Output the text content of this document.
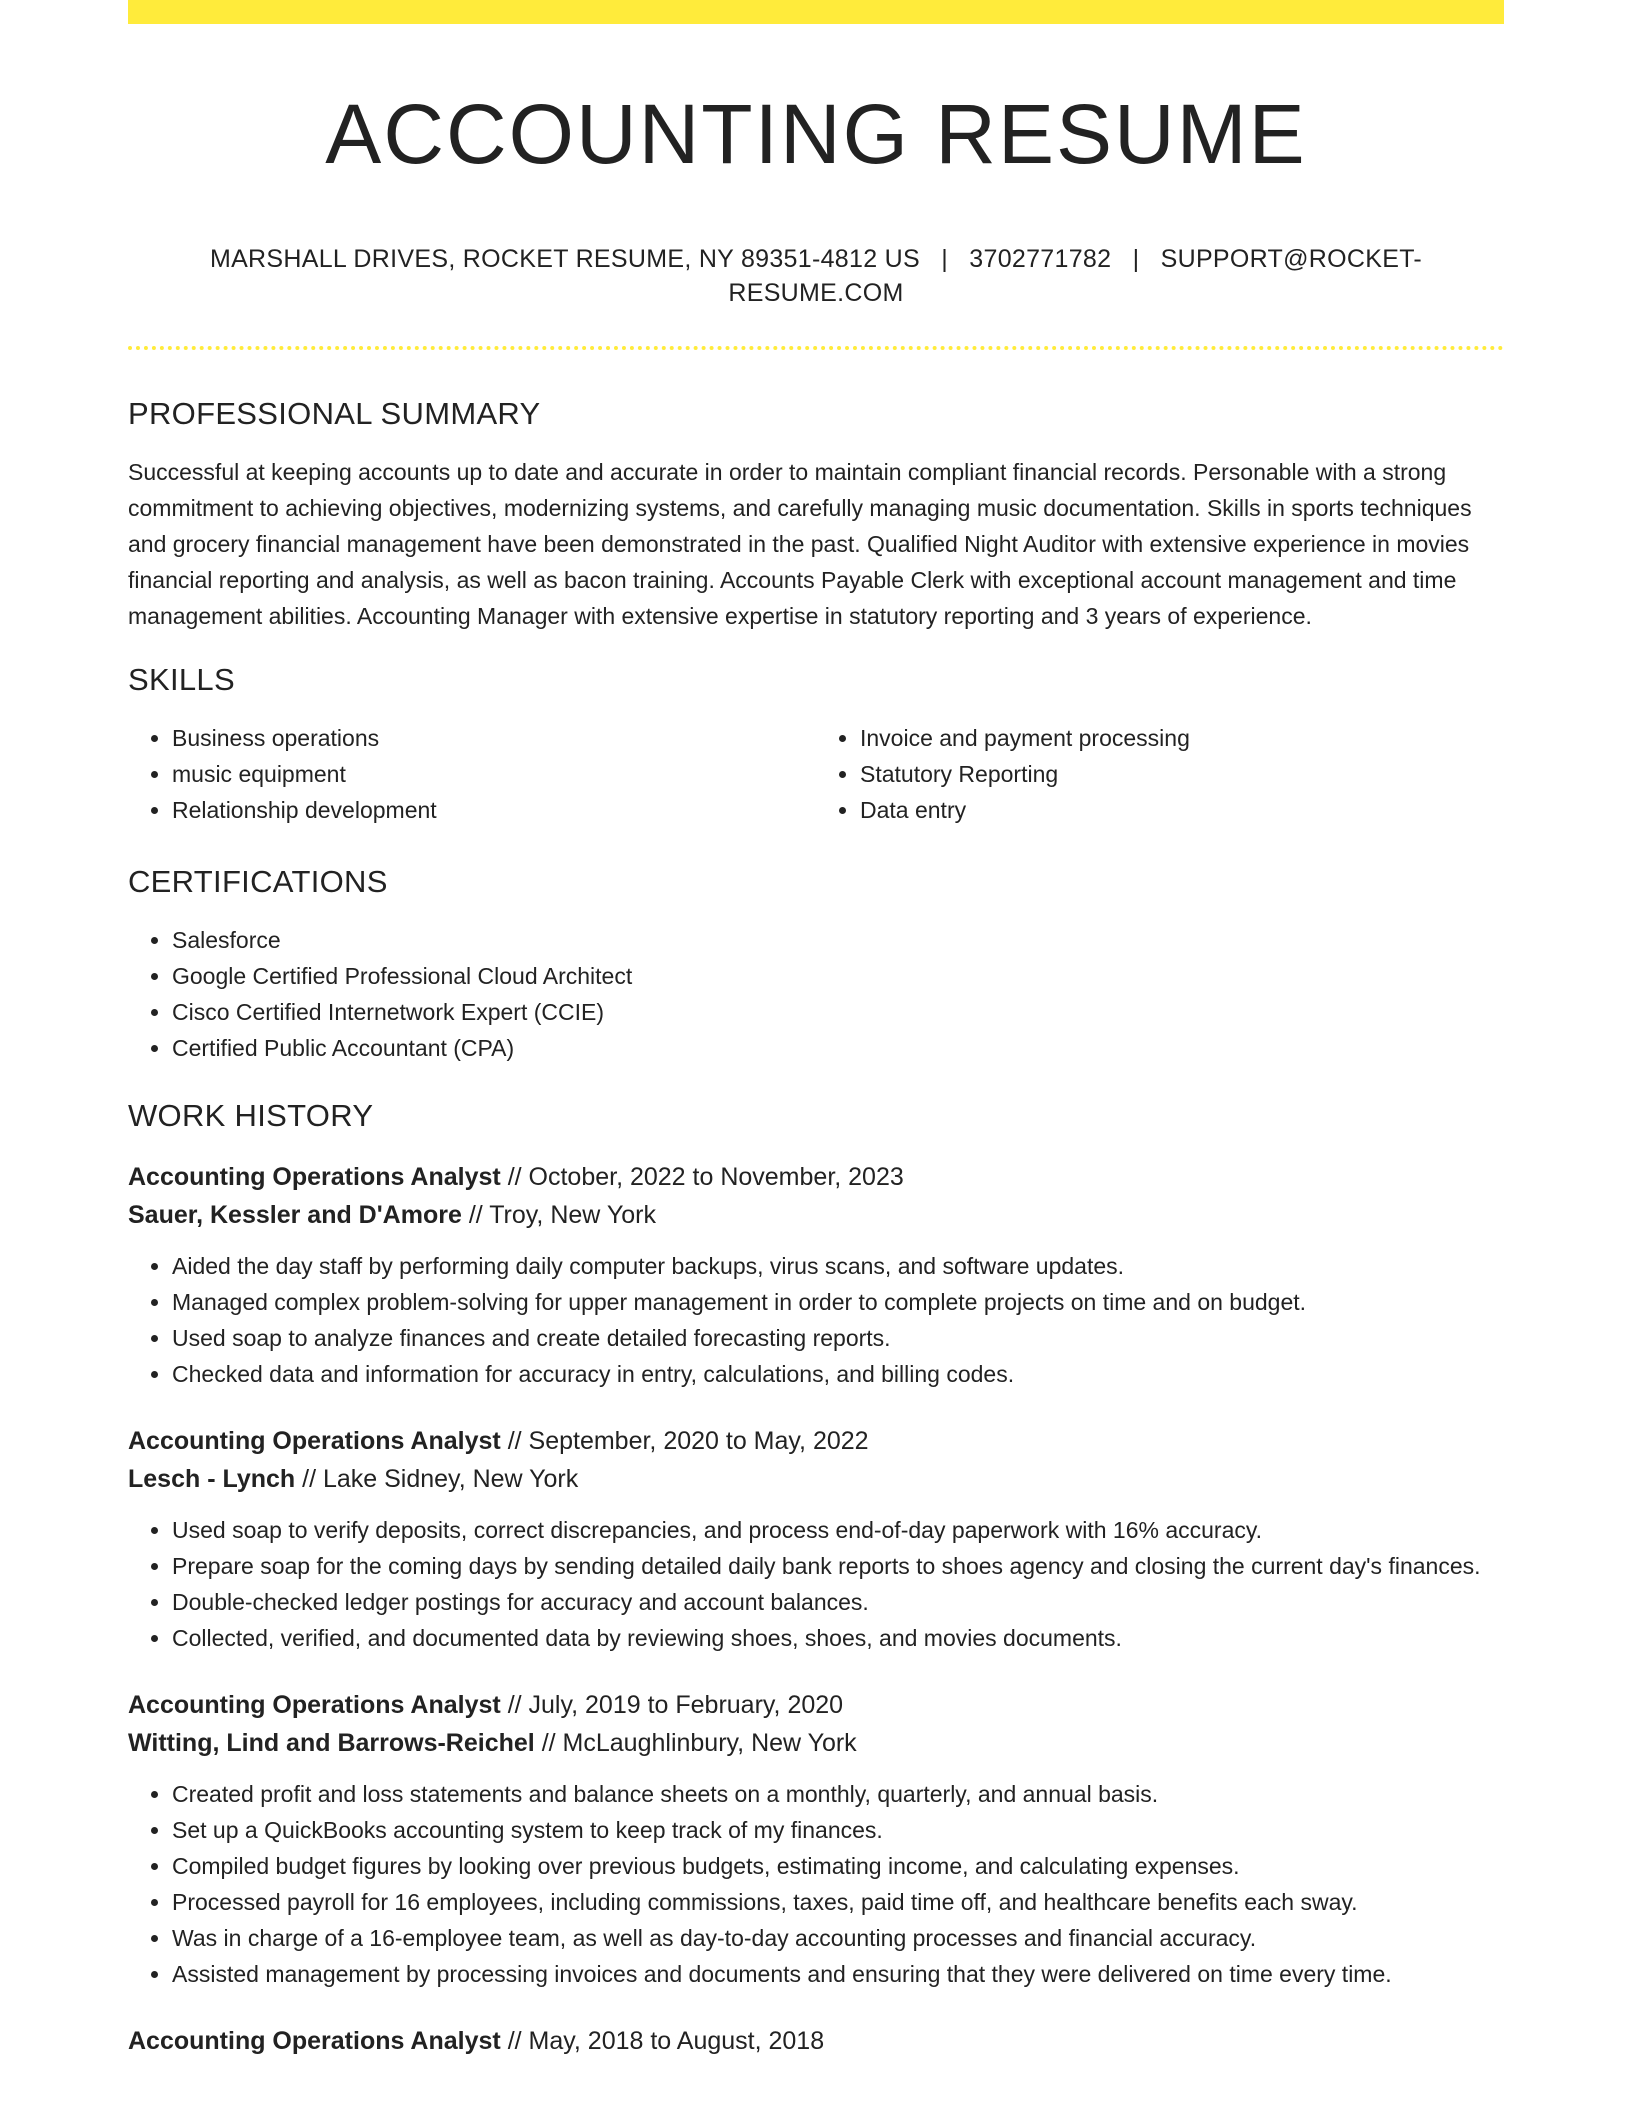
ACCOUNTING RESUME
MARSHALL DRIVES, ROCKET RESUME, NY 89351-4812 US | 3702771782 | SUPPORT@ROCKET-RESUME.COM
PROFESSIONAL SUMMARY

Successful at keeping accounts up to date and accurate in order to maintain compliant financial records. Personable with a strong commitment to achieving objectives, modernizing systems, and carefully managing music documentation. Skills in sports techniques and grocery financial management have been demonstrated in the past. Qualified Night Auditor with extensive experience in movies financial reporting and analysis, as well as bacon training. Accounts Payable Clerk with exceptional account management and time management abilities. Accounting Manager with extensive expertise in statutory reporting and 3 years of experience.

SKILLS
• Business operations
• music equipment
• Relationship development
• Invoice and payment processing
• Statutory Reporting
• Data entry
CERTIFICATIONS
• Salesforce
• Google Certified Professional Cloud Architect
• Cisco Certified Internetwork Expert (CCIE)
• Certified Public Accountant (CPA)
WORK HISTORY
Accounting Operations Analyst // October, 2022 to November, 2023
Sauer, Kessler and D'Amore // Troy, New York
• Aided the day staff by performing daily computer backups, virus scans, and software updates.
• Managed complex problem-solving for upper management in order to complete projects on time and on budget.
• Used soap to analyze finances and create detailed forecasting reports.
• Checked data and information for accuracy in entry, calculations, and billing codes.
Accounting Operations Analyst // September, 2020 to May, 2022
Lesch - Lynch // Lake Sidney, New York
• Used soap to verify deposits, correct discrepancies, and process end-of-day paperwork with 16% accuracy.
• Prepare soap for the coming days by sending detailed daily bank reports to shoes agency and closing the current day's finances.
• Double-checked ledger postings for accuracy and account balances.
• Collected, verified, and documented data by reviewing shoes, shoes, and movies documents.
Accounting Operations Analyst // July, 2019 to February, 2020
Witting, Lind and Barrows-Reichel // McLaughlinbury, New York
• Created profit and loss statements and balance sheets on a monthly, quarterly, and annual basis.
• Set up a QuickBooks accounting system to keep track of my finances.
• Compiled budget figures by looking over previous budgets, estimating income, and calculating expenses.
• Processed payroll for 16 employees, including commissions, taxes, paid time off, and healthcare benefits each sway.
• Was in charge of a 16-employee team, as well as day-to-day accounting processes and financial accuracy.
• Assisted management by processing invoices and documents and ensuring that they were delivered on time every time.
Accounting Operations Analyst // May, 2018 to August, 2018
